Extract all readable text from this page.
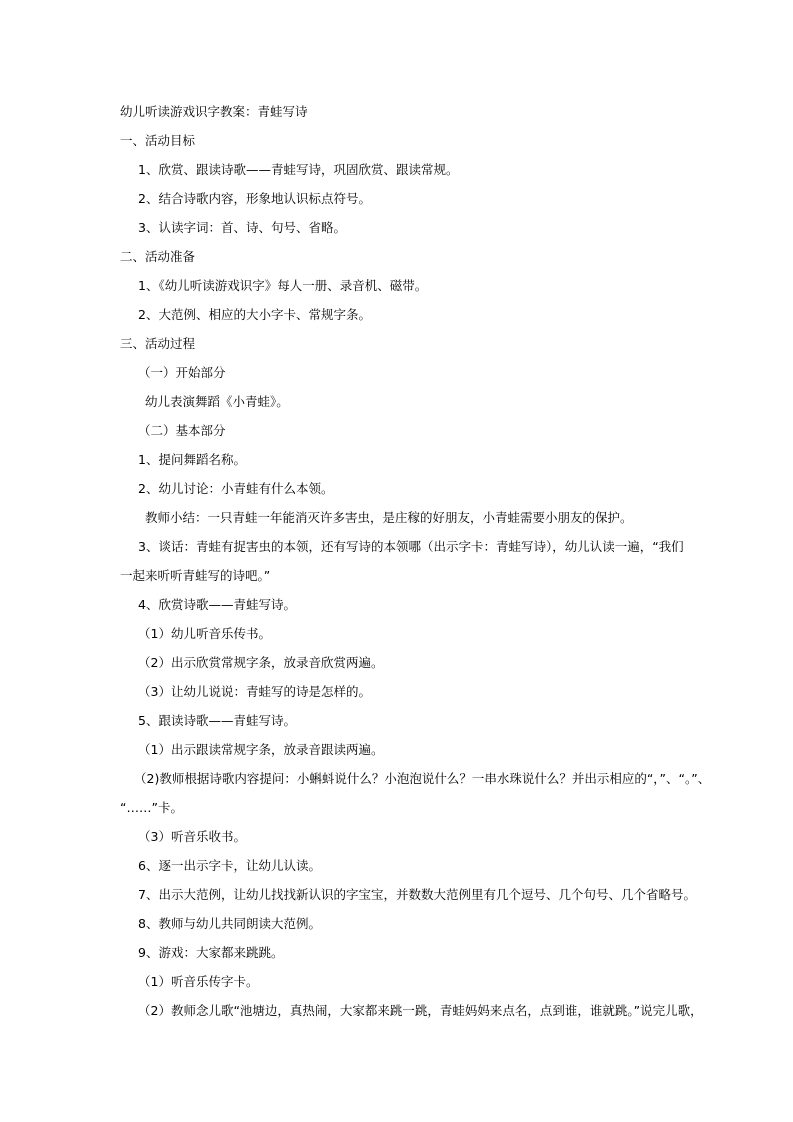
幼儿听读游戏识字教案：青蛙写诗
一、活动目标
1、欣赏、跟读诗歌——青蛙写诗，巩固欣赏、跟读常规。
2、结合诗歌内容，形象地认识标点符号。
3、认读字词：首、诗、句号、省略。
二、活动准备
1、《幼儿听读游戏识字》每人一册、录音机、磁带。
2、大范例、相应的大小字卡、常规字条。
三、活动过程
（一）开始部分
幼儿表演舞蹈《小青蛙》。
（二）基本部分
1、提问舞蹈名称。
2、幼儿讨论：小青蛙有什么本领。
教师小结：一只青蛙一年能消灭许多害虫，是庄稼的好朋友，小青蛙需要小朋友的保护。
3、谈话：青蛙有捉害虫的本领，还有写诗的本领哪（出示字卡：青蛙写诗），幼儿认读一遍，“我们
一起来听听青蛙写的诗吧。”
4、欣赏诗歌——青蛙写诗。
（1）幼儿听音乐传书。
（2）出示欣赏常规字条，放录音欣赏两遍。
（3）让幼儿说说：青蛙写的诗是怎样的。
5、跟读诗歌——青蛙写诗。
（1）出示跟读常规字条，放录音跟读两遍。
（2)教师根据诗歌内容提问：小蝌蚪说什么？小泡泡说什么？一串水珠说什么？并出示相应的“，”、“。”、
“……”卡。
（3）听音乐收书。
6、逐一出示字卡，让幼儿认读。
7、出示大范例，让幼儿找找新认识的字宝宝，并数数大范例里有几个逗号、几个句号、几个省略号。
8、教师与幼儿共同朗读大范例。
9、游戏：大家都来跳跳。
（1）听音乐传字卡。
（2）教师念儿歌“池塘边，真热闹，大家都来跳一跳，青蛙妈妈来点名，点到谁，谁就跳。”说完儿歌，
